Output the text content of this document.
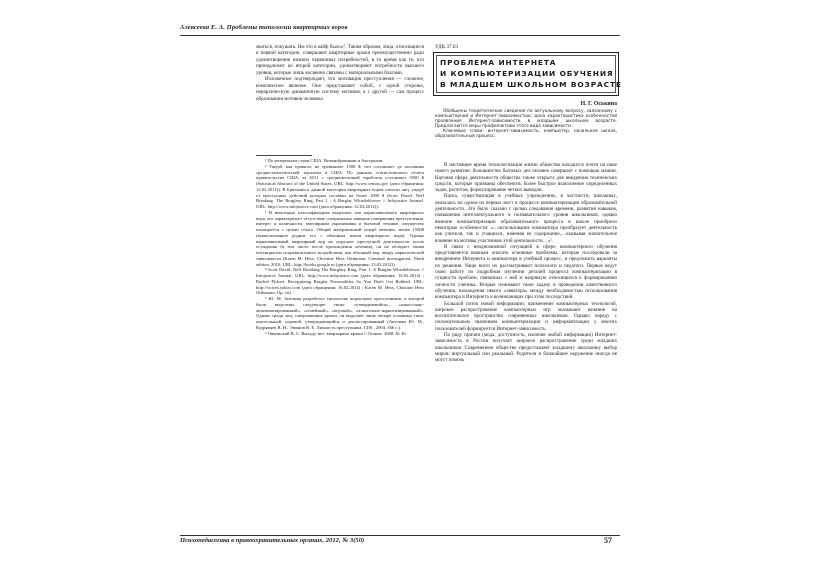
Алексеева Е. А. Проблемы типологии квартирных воров

мыться, покушать. Им это в кайф было»⁶. Таким образом, лица, относящиеся к первой категории, совершают квартирные кражи преимущественно ради удовлетворения низших первичных потребностей, в то время как те, кто принадлежит ко второй категории, удовлетворяют потребности высшего уровня, которые лишь косвенно связаны с материальными благами.

Изложенное подтверждает, что мотивация преступления — сложное, комплексное явление. Оно представляет собой, с одной стороны, иерархическую динамичную систему мотивов, а с другой — сам процесс образования мотивов человека.

¹ По материалам стран США, Великобритании и Австралии.

² Ущерб, как правило, не превышает 1500 $, что составляет до половины среднестатистической зарплаты в США. По данным статистического отчета правительства США, за 2011 г. среднемесячный заработок составляет 3500 $ (Statistical Abstract of the United States. URL: http://www.census.gov (дата обращения: 12.02.2012)). В Британии к данной категории квартирных воров относят лиц, ущерб от преступных действий которых составил не более 1000 $ (Scott David. Neff Breaking. The Burglary Ring, Part 1 : A Burglar Whistleblower // Infojustice Journal. URL: http://www.infojustice.com (дата обращения: 12.02.2012)).

³ В некоторых классификациях выделяют тип наркозависимого квартирного вора, его характеризует отсутствие специальных навыков совершения преступления, интерес к наличности, ювелирным украшениям и бытовой технике, имущество похищается с целью сбыта. Общий материальный ущерб невелик, менее 1500$ (вышесказанное роднит его с обычным типом квартирного вора). Однако наркозависимый квартирный вор не ощущает преступной деятельности после осуждения (в том числе после прохождения лечения), он не обладает таким потенциалом исправительного воздействия, как обычный вор, ввиду наркотической зависимости (Karen M. Hess, Christine Hess Orthmann. Criminal investigation. Ninth edition. 2010. URL: http://books.google.ru (дата обращения: 15.02.2012)).

⁴ Scott David. Neff Breaking The Burglary Ring, Part 1: A Burglar Whistleblower // Infojustice Journal. URL: http://www.infojustice.com (дата обращения: 16.02.2012) ; Rachel Pickett. Recognizing Burglar Personalities So You Don't Get Robbed. URL: http://voices.yahoo.com (дата обращения: 16.02.2012) ; Karen M. Hess, Christine Hess Orthmann. Op. cit).

⁵ Ю. М. Антонян разработал типологию корыстных преступников, в которой были выделены следующие типы: «утвердившийся», «алкогольно-люмпенизированный», «семейный», «игровой», «алкогольно-наркотизированный». Однако среди лиц, совершающих кражи, он выделяет лишь четыре основных типа: алкогольный, игровой, утверждающийся и деклассированный (Антонян Ю. М., Кудрявцев В. Н., Эминов В. Е. Личность преступника. СПб., 2004. 366 с.).

⁶ Овчинский В. С. Выходу нет: квартирные кражи // Огонек. 2008. № 40.

УДК 37.03
ПРОБЛЕМА ИНТЕРНЕТА
И КОМПЬЮТЕРИЗАЦИИ ОБУЧЕНИЯ
В МЛАДШЕМ ШКОЛЬНОМ ВОЗРАСТЕ
Н. Г. Оськина

Обобщены теоретические сведения по актуальному вопросу, связанному с компьютерной и Интернет-зависимостью; дана характеристика особенностей проявления Интернет-зависимости в младшем школьном возрасте. Предлагаются меры профилактики этого вида зависимости.

Ключевые слова: интернет-зависимость, компьютер, начальная школа, образовательный процесс.

В настоящее время технологизация жизни общества находится почти на пике своего развития: большинство бытовых дел человек совершает с помощью машин. Научная сфера деятельности общества также открыта для внедрения технических средств, которые призваны обеспечить более быстрое выполнение определенных задач, расчетов, формулирование четких выводов.

Наука, существующая в учебных учреждениях, в частности, школьных, оказалась на одном из первых мест в процессе компьютеризации образовательной деятельности. Это было сказано с целью следования времени, развития навыков, повышения интеллектуального и познавательного уровня школьников, однако явление компьютеризации образовательного процесса в школе приобрело некоторые особенности: «…использование компьютера преобразует деятельность как учителя, так и учащихся, изменяя ее содержание,…оказывая значительное влияние на мотивы участников этой деятельности…»¹.

В связи с неоднозначной ситуацией в сфере компьютерного обучения представляется важным описать основные проблемы, которые последовали за внедрением Интернета и компьютера в учебный процесс, и предложить варианты их решения. Чаще всего их рассматривают психологи и педагоги. Первые ведут свою работу по подробном изучении деталей процесса компьютеризации в сущности проблем, связанных с ней и напрямую относящихся к формированию личности ученика. Вторые понимают свою задачу в проведении качественного обучения, нахождения некого «эвватора» между необходимостью использования компьютера и Интернета и возникающих при этом последствий.

Большой поток новой информации, применение компьютерных технологий, широкое распространение компьютерных игр оказывают влияние на воспитательное пространство современных школьников. Однако наряду с положительным значением компьютеризации и информатизации у многих пользователей формируется Интернет-зависимость.

По ряду причин (мода, доступность, наличие любой информации) Интернет-зависимость в России получает широкое распространение среди младших школьников. Современное общество предоставляет младшему школьнику выбор миров: виртуальный или реальный. Родители и ближайшее окружение иногда не могут помочь

Психопедагогика в правоохранительных органах, 2012, № 3(50)	57
